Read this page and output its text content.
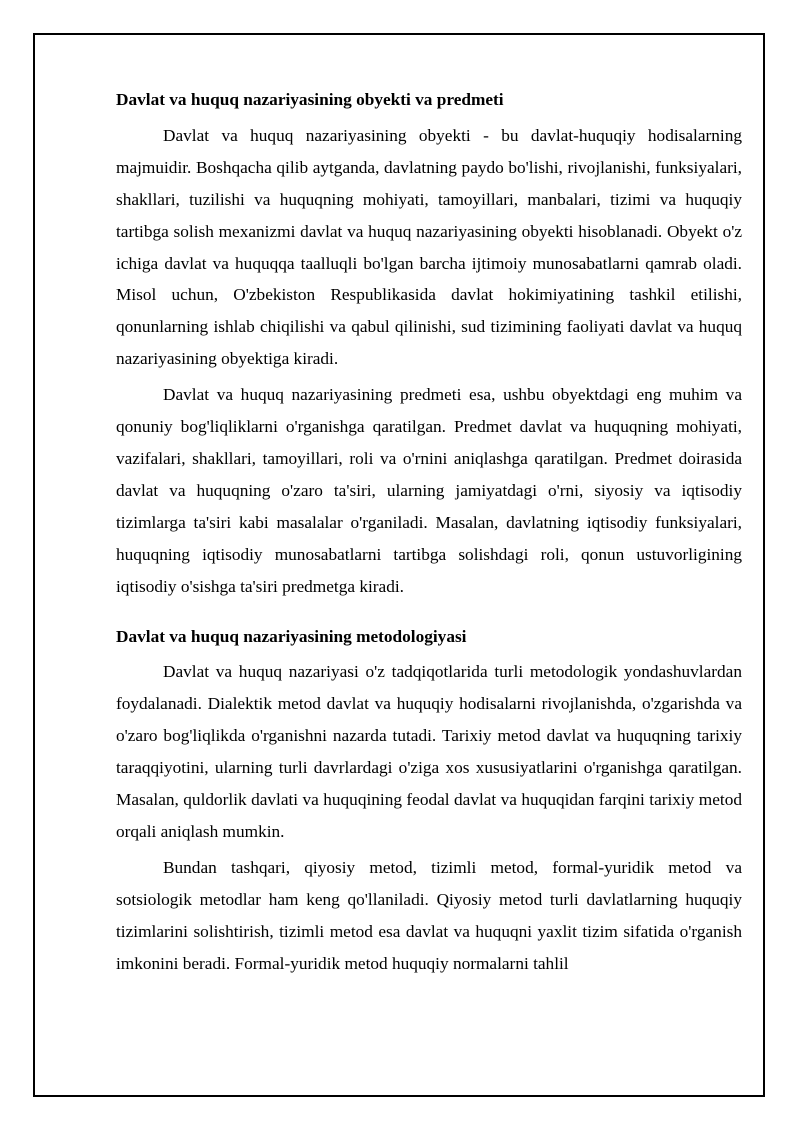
Davlat va huquq nazariyasining obyekti va predmeti

Davlat va huquq nazariyasining obyekti - bu davlat-huquqiy hodisalarning majmuidir. Boshqacha qilib aytganda, davlatning paydo bo'lishi, rivojlanishi, funksiyalari, shakllari, tuzilishi va huquqning mohiyati, tamoyillari, manbalari, tizimi va huquqiy tartibga solish mexanizmi davlat va huquq nazariyasining obyekti hisoblanadi. Obyekt o'z ichiga davlat va huquqqa taalluqli bo'lgan barcha ijtimoiy munosabatlarni qamrab oladi. Misol uchun, O'zbekiston Respublikasida davlat hokimiyatining tashkil etilishi, qonunlarning ishlab chiqilishi va qabul qilinishi, sud tizimining faoliyati davlat va huquq nazariyasining obyektiga kiradi.

Davlat va huquq nazariyasining predmeti esa, ushbu obyektdagi eng muhim va qonuniy bog'liqliklarni o'rganishga qaratilgan. Predmet davlat va huquqning mohiyati, vazifalari, shakllari, tamoyillari, roli va o'rnini aniqlashga qaratilgan. Predmet doirasida davlat va huquqning o'zaro ta'siri, ularning jamiyatdagi o'rni, siyosiy va iqtisodiy tizimlarga ta'siri kabi masalalar o'rganiladi. Masalan, davlatning iqtisodiy funksiyalari, huquqning iqtisodiy munosabatlarni tartibga solishdagi roli, qonun ustuvorligining iqtisodiy o'sishga ta'siri predmetga kiradi.

Davlat va huquq nazariyasining metodologiyasi

Davlat va huquq nazariyasi o'z tadqiqotlarida turli metodologik yondashuvlardan foydalanadi. Dialektik metod davlat va huquqiy hodisalarni rivojlanishda, o'zgarishda va o'zaro bog'liqlikda o'rganishni nazarda tutadi. Tarixiy metod davlat va huquqning tarixiy taraqqiyotini, ularning turli davrlardagi o'ziga xos xususiyatlarini o'rganishga qaratilgan. Masalan, quldorlik davlati va huquqining feodal davlat va huquqidan farqini tarixiy metod orqali aniqlash mumkin.

Bundan tashqari, qiyosiy metod, tizimli metod, formal-yuridik metod va sotsiologik metodlar ham keng qo'llaniladi. Qiyosiy metod turli davlatlarning huquqiy tizimlarini solishtirish, tizimli metod esa davlat va huquqni yaxlit tizim sifatida o'rganish imkonini beradi. Formal-yuridik metod huquqiy normalarni tahlil
